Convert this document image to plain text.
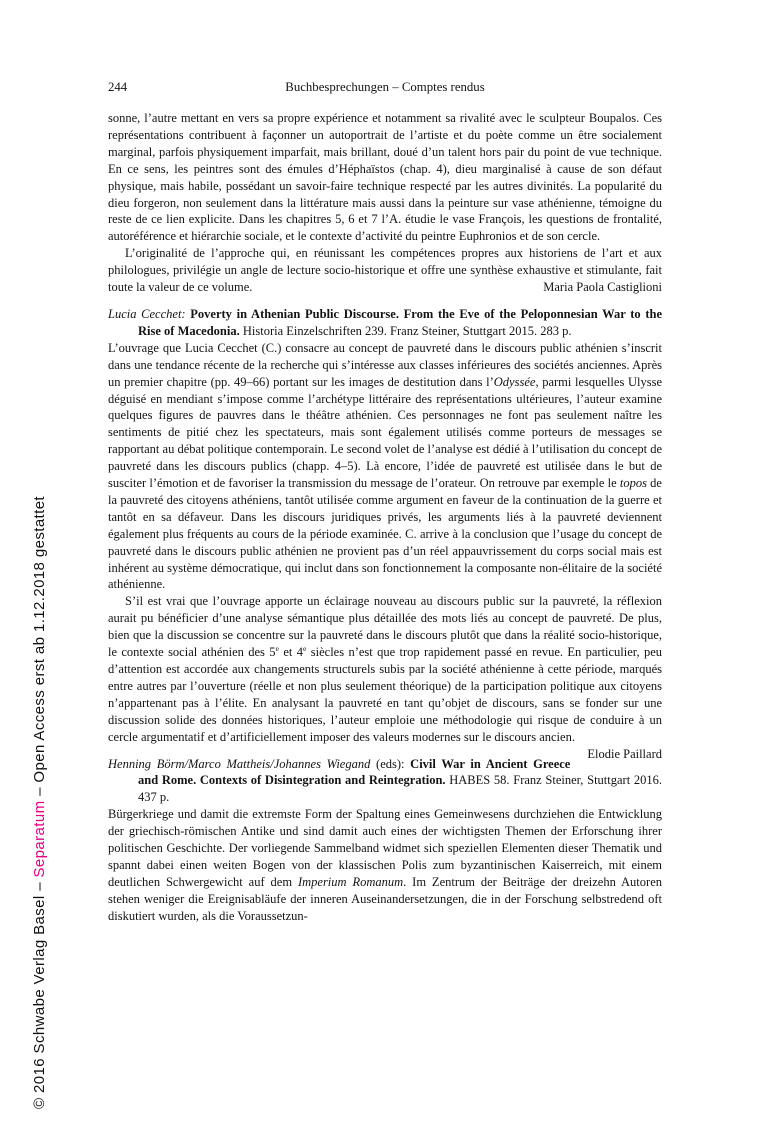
© 2016 Schwabe Verlag Basel – Separatum – Open Access erst ab 1.12.2018 gestattet
244	Buchbesprechungen – Comptes rendus

sonne, l’autre mettant en vers sa propre expérience et notamment sa rivalité avec le sculpteur Boupalos. Ces représentations contribuent à façonner un autoportrait de l’artiste et du poète comme un être socialement marginal, parfois physiquement imparfait, mais brillant, doué d’un talent hors pair du point de vue technique. En ce sens, les peintres sont des émules d’Héphaïstos (chap. 4), dieu marginalisé à cause de son défaut physique, mais habile, possédant un savoir-faire technique respecté par les autres divinités. La popularité du dieu forgeron, non seulement dans la littérature mais aussi dans la peinture sur vase athénienne, témoigne du reste de ce lien explicite. Dans les chapitres 5, 6 et 7 l’A. étudie le vase François, les questions de frontalité, autoréférence et hiérarchie sociale, et le contexte d’activité du peintre Euphronios et de son cercle.

L’originalité de l’approche qui, en réunissant les compétences propres aux historiens de l’art et aux philologues, privilégie un angle de lecture socio-historique et offre une synthèse exhaustive et stimulante, fait toute la valeur de ce volume.	Maria Paola Castiglioni

Lucia Cecchet: Poverty in Athenian Public Discourse. From the Eve of the Peloponnesian War to the Rise of Macedonia. Historia Einzelschriften 239. Franz Steiner, Stuttgart 2015. 283 p.

L’ouvrage que Lucia Cecchet (C.) consacre au concept de pauvreté dans le discours public athénien s’inscrit dans une tendance récente de la recherche qui s’intéresse aux classes inférieures des sociétés anciennes. Après un premier chapitre (pp. 49–66) portant sur les images de destitution dans l’Odyssée, parmi lesquelles Ulysse déguisé en mendiant s’impose comme l’archétype littéraire des représentations ultérieures, l’auteur examine quelques figures de pauvres dans le théâtre athénien. Ces personnages ne font pas seulement naître les sentiments de pitié chez les spectateurs, mais sont également utilisés comme porteurs de messages se rapportant au débat politique contemporain. Le second volet de l’analyse est dédié à l’utilisation du concept de pauvreté dans les discours publics (chapp. 4–5). Là encore, l’idée de pauvreté est utilisée dans le but de susciter l’émotion et de favoriser la transmission du message de l’orateur. On retrouve par exemple le topos de la pauvreté des citoyens athéniens, tantôt utilisée comme argument en faveur de la continuation de la guerre et tantôt en sa défaveur. Dans les discours juridiques privés, les arguments liés à la pauvreté deviennent également plus fréquents au cours de la période examinée. C. arrive à la conclusion que l’usage du concept de pauvreté dans le discours public athénien ne provient pas d’un réel appauvrissement du corps social mais est inhérent au système démocratique, qui inclut dans son fonctionnement la composante non-élitaire de la société athénienne.

S’il est vrai que l’ouvrage apporte un éclairage nouveau au discours public sur la pauvreté, la réflexion aurait pu bénéficier d’une analyse sémantique plus détaillée des mots liés au concept de pauvreté. De plus, bien que la discussion se concentre sur la pauvreté dans le discours plutôt que dans la réalité socio-historique, le contexte social athénien des 5e et 4e siècles n’est que trop rapidement passé en revue. En particulier, peu d’attention est accordée aux changements structurels subis par la société athénienne à cette période, marqués entre autres par l’ouverture (réelle et non plus seulement théorique) de la participation politique aux citoyens n’appartenant pas à l’élite. En analysant la pauvreté en tant qu’objet de discours, sans se fonder sur une discussion solide des données historiques, l’auteur emploie une méthodologie qui risque de conduire à un cercle argumentatif et d’artificiellement imposer des valeurs modernes sur le discours ancien.
Elodie Paillard

Henning Börm/Marco Mattheis/Johannes Wiegand (eds): Civil War in Ancient Greece and Rome. Contexts of Disintegration and Reintegration. HABES 58. Franz Steiner, Stuttgart 2016. 437 p.

Bürgerkriege und damit die extremste Form der Spaltung eines Gemeinwesens durchziehen die Entwicklung der griechisch-römischen Antike und sind damit auch eines der wichtigsten Themen der Erforschung ihrer politischen Geschichte. Der vorliegende Sammelband widmet sich speziellen Elementen dieser Thematik und spannt dabei einen weiten Bogen von der klassischen Polis zum byzantinischen Kaiserreich, mit einem deutlichen Schwergewicht auf dem Imperium Romanum. Im Zentrum der Beiträge der dreizehn Autoren stehen weniger die Ereignisabläufe der inneren Auseinandersetzungen, die in der Forschung selbstredend oft diskutiert wurden, als die Voraussetzun-
